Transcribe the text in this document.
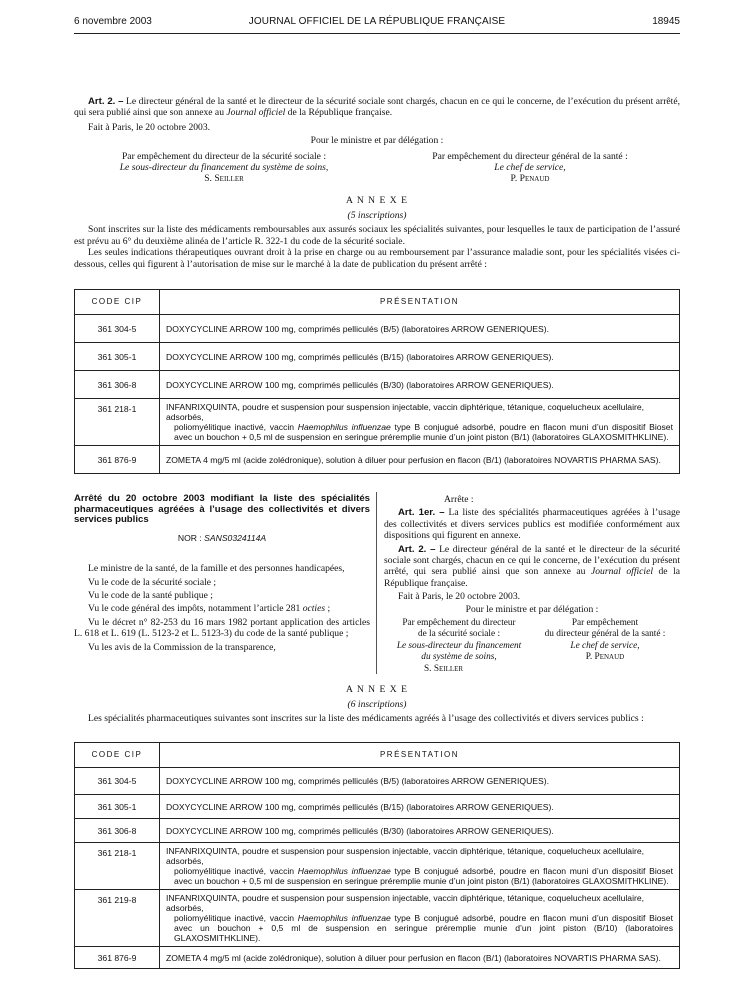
6 novembre 2003	JOURNAL OFFICIEL DE LA RÉPUBLIQUE FRANÇAISE	18945

Art. 2. – Le directeur général de la santé et le directeur de la sécurité sociale sont chargés, chacun en ce qui le concerne, de l’exécution du présent arrêté, qui sera publié ainsi que son annexe au Journal officiel de la République française.

Fait à Paris, le 20 octobre 2003.

Pour le ministre et par délégation :

Par empêchement du directeur de la sécurité sociale :
Le sous-directeur du financement du système de soins,
S. Seiller
Par empêchement du directeur général de la santé :
Le chef de service,
P. Penaud

A N N E X E

(5 inscriptions)

Sont inscrites sur la liste des médicaments remboursables aux assurés sociaux les spécialités suivantes, pour lesquelles le taux de participation de l’assuré est prévu au 6° du deuxième alinéa de l’article R. 322-1 du code de la sécurité sociale.

Les seules indications thérapeutiques ouvrant droit à la prise en charge ou au remboursement par l’assurance maladie sont, pour les spécialités visées ci-dessous, celles qui figurent à l’autorisation de mise sur le marché à la date de publication du présent arrêté :

CODE CIP	PRÉSENTATION
361 304-5	DOXYCYCLINE ARROW 100 mg, comprimés pelliculés (B/5) (laboratoires ARROW GENERIQUES).
361 305-1	DOXYCYCLINE ARROW 100 mg, comprimés pelliculés (B/15) (laboratoires ARROW GENERIQUES).
361 306-8	DOXYCYCLINE ARROW 100 mg, comprimés pelliculés (B/30) (laboratoires ARROW GENERIQUES).
361 218-1	INFANRIXQUINTA, poudre et suspension pour suspension injectable, vaccin diphtérique, tétanique, coquelucheux acellulaire, adsorbés,
poliomyélitique inactivé, vaccin Haemophilus influenzae type B conjugué adsorbé, poudre en flacon muni d’un dispositif Bioset avec un bouchon + 0,5 ml de suspension en seringue préremplie munie d’un joint piston (B/1) (laboratoires GLAXOSMITHKLINE).

361 876-9	ZOMETA 4 mg/5 ml (acide zolédronique), solution à diluer pour perfusion en flacon (B/1) (laboratoires NOVARTIS PHARMA SAS).

Arrêté du 20 octobre 2003 modifiant la liste des spécialités pharmaceutiques agréées à l’usage des collectivités et divers services publics

NOR : SANS0324114A

Le ministre de la santé, de la famille et des personnes handicapées,

Vu le code de la sécurité sociale ;

Vu le code de la santé publique ;

Vu le code général des impôts, notamment l’article 281 octies ;

Vu le décret n° 82-253 du 16 mars 1982 portant application des articles L. 618 et L. 619 (L. 5123-2 et L. 5123-3) du code de la santé publique ;

Vu les avis de la Commission de la transparence,

Arrête :

Art. 1er. – La liste des spécialités pharmaceutiques agréées à l’usage des collectivités et divers services publics est modifiée conformément aux dispositions qui figurent en annexe.

Art. 2. – Le directeur général de la santé et le directeur de la sécurité sociale sont chargés, chacun en ce qui le concerne, de l’exécution du présent arrêté, qui sera publié ainsi que son annexe au Journal officiel de la République française.

Fait à Paris, le 20 octobre 2003.

Pour le ministre et par délégation :

Par empêchement du directeur
de la sécurité sociale :
Le sous-directeur du financement
du système de soins,
Par empêchement
du directeur général de la santé :
Le chef de service,
P. Penaud
S. Seiller

A N N E X E

(6 inscriptions)

Les spécialités pharmaceutiques suivantes sont inscrites sur la liste des médicaments agréés à l’usage des collectivités et divers services publics :

CODE CIP	PRÉSENTATION
361 304-5	DOXYCYCLINE ARROW 100 mg, comprimés pelliculés (B/5) (laboratoires ARROW GENERIQUES).
361 305-1	DOXYCYCLINE ARROW 100 mg, comprimés pelliculés (B/15) (laboratoires ARROW GENERIQUES).
361 306-8	DOXYCYCLINE ARROW 100 mg, comprimés pelliculés (B/30) (laboratoires ARROW GENERIQUES).
361 218-1	INFANRIXQUINTA, poudre et suspension pour suspension injectable, vaccin diphtérique, tétanique, coquelucheux acellulaire, adsorbés,
poliomyélitique inactivé, vaccin Haemophilus influenzae type B conjugué adsorbé, poudre en flacon muni d’un dispositif Bioset avec un bouchon + 0,5 ml de suspension en seringue préremplie munie d’un joint piston (B/1) (laboratoires GLAXOSMITHKLINE).

361 219-8	INFANRIXQUINTA, poudre et suspension pour suspension injectable, vaccin diphtérique, tétanique, coquelucheux acellulaire, adsorbés,
poliomyélitique inactivé, vaccin Haemophilus influenzae type B conjugué adsorbé, poudre en flacon muni d’un dispositif Bioset avec un bouchon + 0,5 ml de suspension en seringue préremplie munie d’un joint piston (B/10) (laboratoires GLAXOSMITHKLINE).

361 876-9	ZOMETA 4 mg/5 ml (acide zolédronique), solution à diluer pour perfusion en flacon (B/1) (laboratoires NOVARTIS PHARMA SAS).
